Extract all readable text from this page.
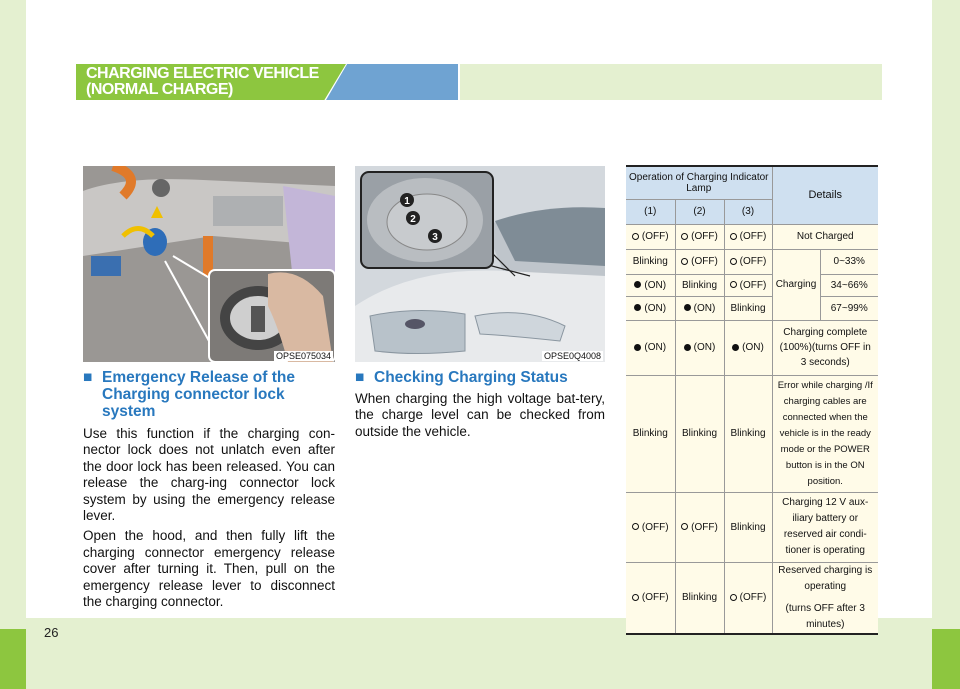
26
CHARGING ELECTRIC VEHICLE
(NORMAL CHARGE)
OPSE075034
1
2
3
OPSE0Q4008
■ Emergency Release of the
Charging connector lock
system

Use this function if the charging con-nector lock does not unlatch even after the door lock has been released. You can release the charg-ing connector lock system by using the emergency release lever.

Open the hood, and then fully lift the charging connector emergency release cover after turning it. Then, pull on the emergency release lever to disconnect the charging connector.

■ Checking Charging Status

When charging the high voltage bat-tery, the charge level can be checked from outside the vehicle.

Operation of Charging Indicator Lamp			Details	
(1)	(2)	(3)		
(OFF)	(OFF)	(OFF)	Not Charged	
Blinking	(OFF)	(OFF)	Charging	0~33%
(ON)	Blinking	(OFF)		34~66%
(ON)	(ON)	Blinking		67~99%
(ON)	(ON)	(ON)	Charging complete (100%)(turns OFF in 3 seconds)	
Blinking	Blinking	Blinking	Error while charging /If charging cables are connected when the vehicle is in the ready mode or the POWER button is in the ON position.	
(OFF)	(OFF)	Blinking	Charging 12 V aux-iliary battery or reserved air condi-tioner is operating	
(OFF)	Blinking	(OFF)	Reserved charging is operating
(turns OFF after 3 minutes)	
